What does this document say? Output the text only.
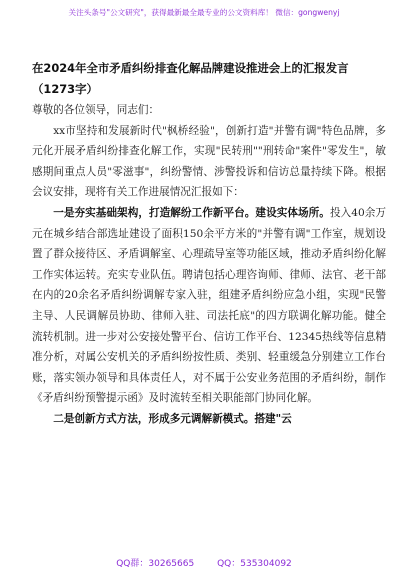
关注头条号"公文研究"，获得最新最全最专业的公文资料库！ 微信：gongwenyj
在2024年全市矛盾纠纷排查化解品牌建设推进会上的汇报发言（1273字）

尊敬的各位领导，同志们：

xx市坚持和发展新时代"枫桥经验"，创新打造"并警有调"特色品牌，多元化开展矛盾纠纷排查化解工作，实现"民转刑""刑转命"案件"零发生"，敏感期间重点人员"零滋事"，纠纷警情、涉警投诉和信访总量持续下降。根据会议安排，现将有关工作进展情况汇报如下：

一是夯实基础架构，打造解纷工作新平台。建设实体场所。投入40余万元在城乡结合部选址建设了面积150余平方米的"并警有调"工作室，规划设置了群众接待区、矛盾调解室、心理疏导室等功能区域，推动矛盾纠纷化解工作实体运转。充实专业队伍。聘请包括心理咨询师、律师、法官、老干部在内的20余名矛盾纠纷调解专家入驻，组建矛盾纠纷应急小组，实现"民警主导、人民调解员协助、律师入驻、司法托底"的四方联调化解功能。健全流转机制。进一步对公安接处警平台、信访工作平台、12345热线等信息精准分析，对属公安机关的矛盾纠纷按性质、类别、轻重缓急分别建立工作台账，落实领办领导和具体责任人，对不属于公安业务范围的矛盾纠纷，制作《矛盾纠纷预警提示函》及时流转至相关职能部门协同化解。

二是创新方式方法，形成多元调解新模式。搭建"云

QQ群：30265665	QQ：535304092
